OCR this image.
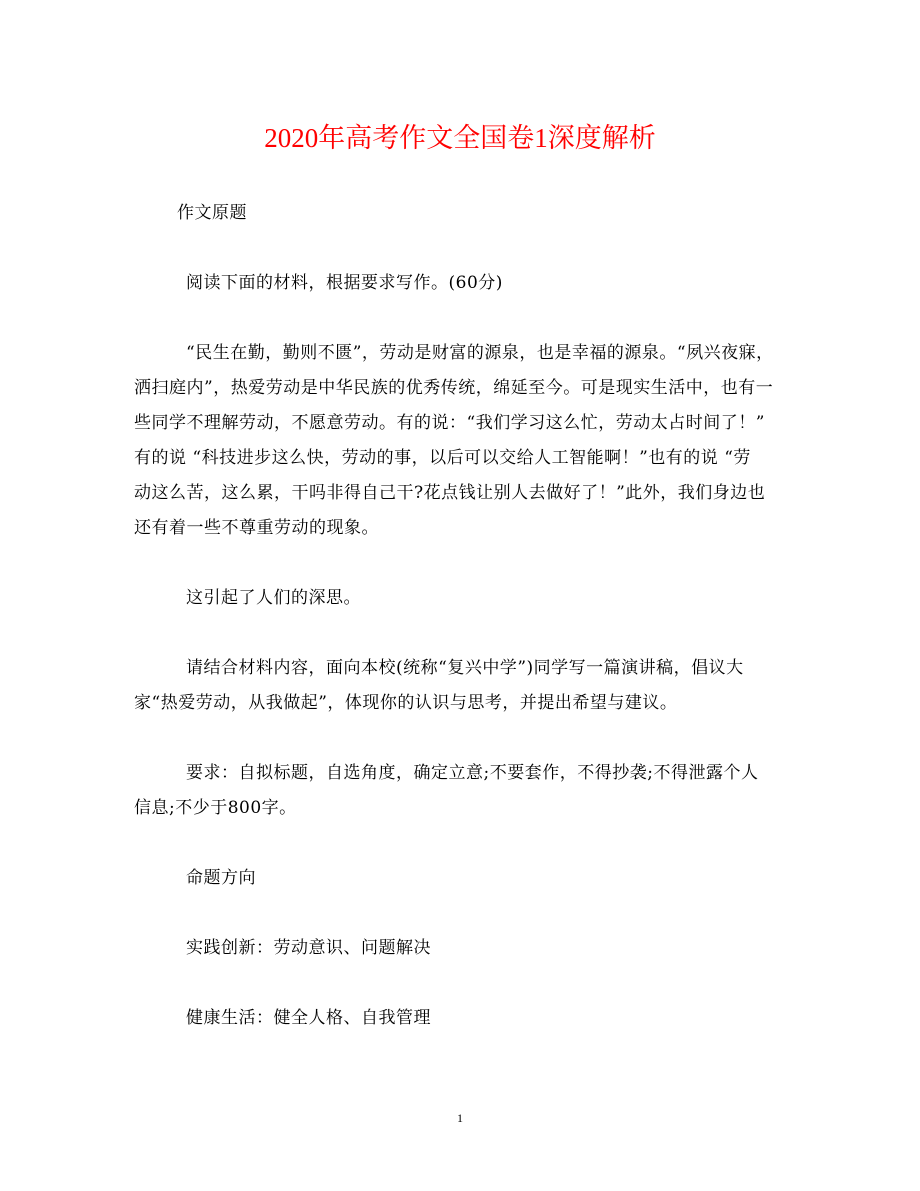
2020年高考作文全国卷1深度解析
作文原题
阅读下面的材料，根据要求写作。(60分)
“民生在勤，勤则不匮”，劳动是财富的源泉，也是幸福的源泉。“夙兴夜寐，
洒扫庭内”，热爱劳动是中华民族的优秀传统，绵延至今。可是现实生活中，也有一
些同学不理解劳动，不愿意劳动。有的说：“我们学习这么忙，劳动太占时间了！”
有的说 “科技进步这么快，劳动的事，以后可以交给人工智能啊！”也有的说 “劳
动这么苦，这么累，干吗非得自己干?花点钱让别人去做好了！”此外，我们身边也
还有着一些不尊重劳动的现象。
这引起了人们的深思。
请结合材料内容，面向本校(统称“复兴中学”)同学写一篇演讲稿，倡议大
家“热爱劳动，从我做起”，体现你的认识与思考，并提出希望与建议。
要求：自拟标题，自选角度，确定立意;不要套作，不得抄袭;不得泄露个人
信息;不少于800字。
命题方向
实践创新：劳动意识、问题解决
健康生活：健全人格、自我管理
1
